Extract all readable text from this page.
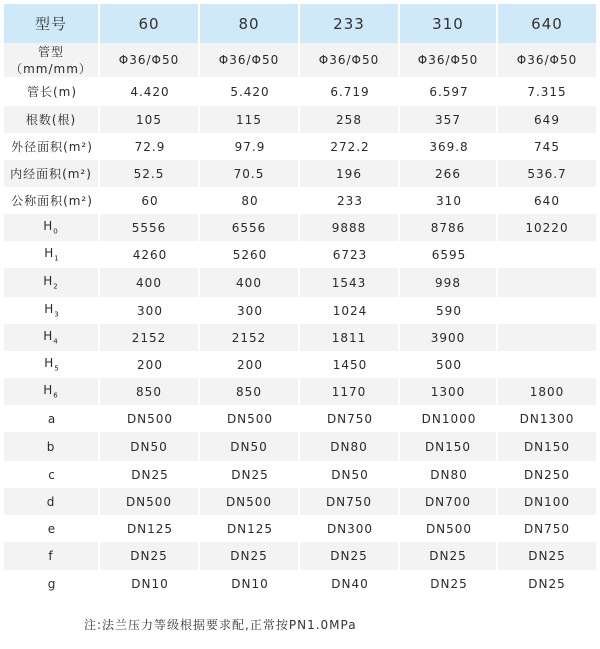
型号	60	80	233	310	640
管型（mm/mm）	Φ36/Φ50	Φ36/Φ50	Φ36/Φ50	Φ36/Φ50	Φ36/Φ50
管长(m)	4.420	5.420	6.719	6.597	7.315
根数(根)	105	115	258	357	649
外径面积(m²)	72.9	97.9	272.2	369.8	745
内经面积(m²)	52.5	70.5	196	266	536.7
公称面积(m²)	60	80	233	310	640
$H_0$	5556	6556	9888	8786	10220
$H_1$	4260	5260	6723	6595	
$H_2$	400	400	1543	998	
$H_3$	300	300	1024	590	
$H_4$	2152	2152	1811	3900	
$H_5$	200	200	1450	500	
$H_6$	850	850	1170	1300	1800
a	DN500	DN500	DN750	DN1000	DN1300
b	DN50	DN50	DN80	DN150	DN150
c	DN25	DN25	DN50	DN80	DN250
d	DN500	DN500	DN750	DN700	DN100
e	DN125	DN125	DN300	DN500	DN750
f	DN25	DN25	DN25	DN25	DN25
g	DN10	DN10	DN40	DN25	DN25
注:法兰压力等级根据要求配,正常按PN1.0MPa
